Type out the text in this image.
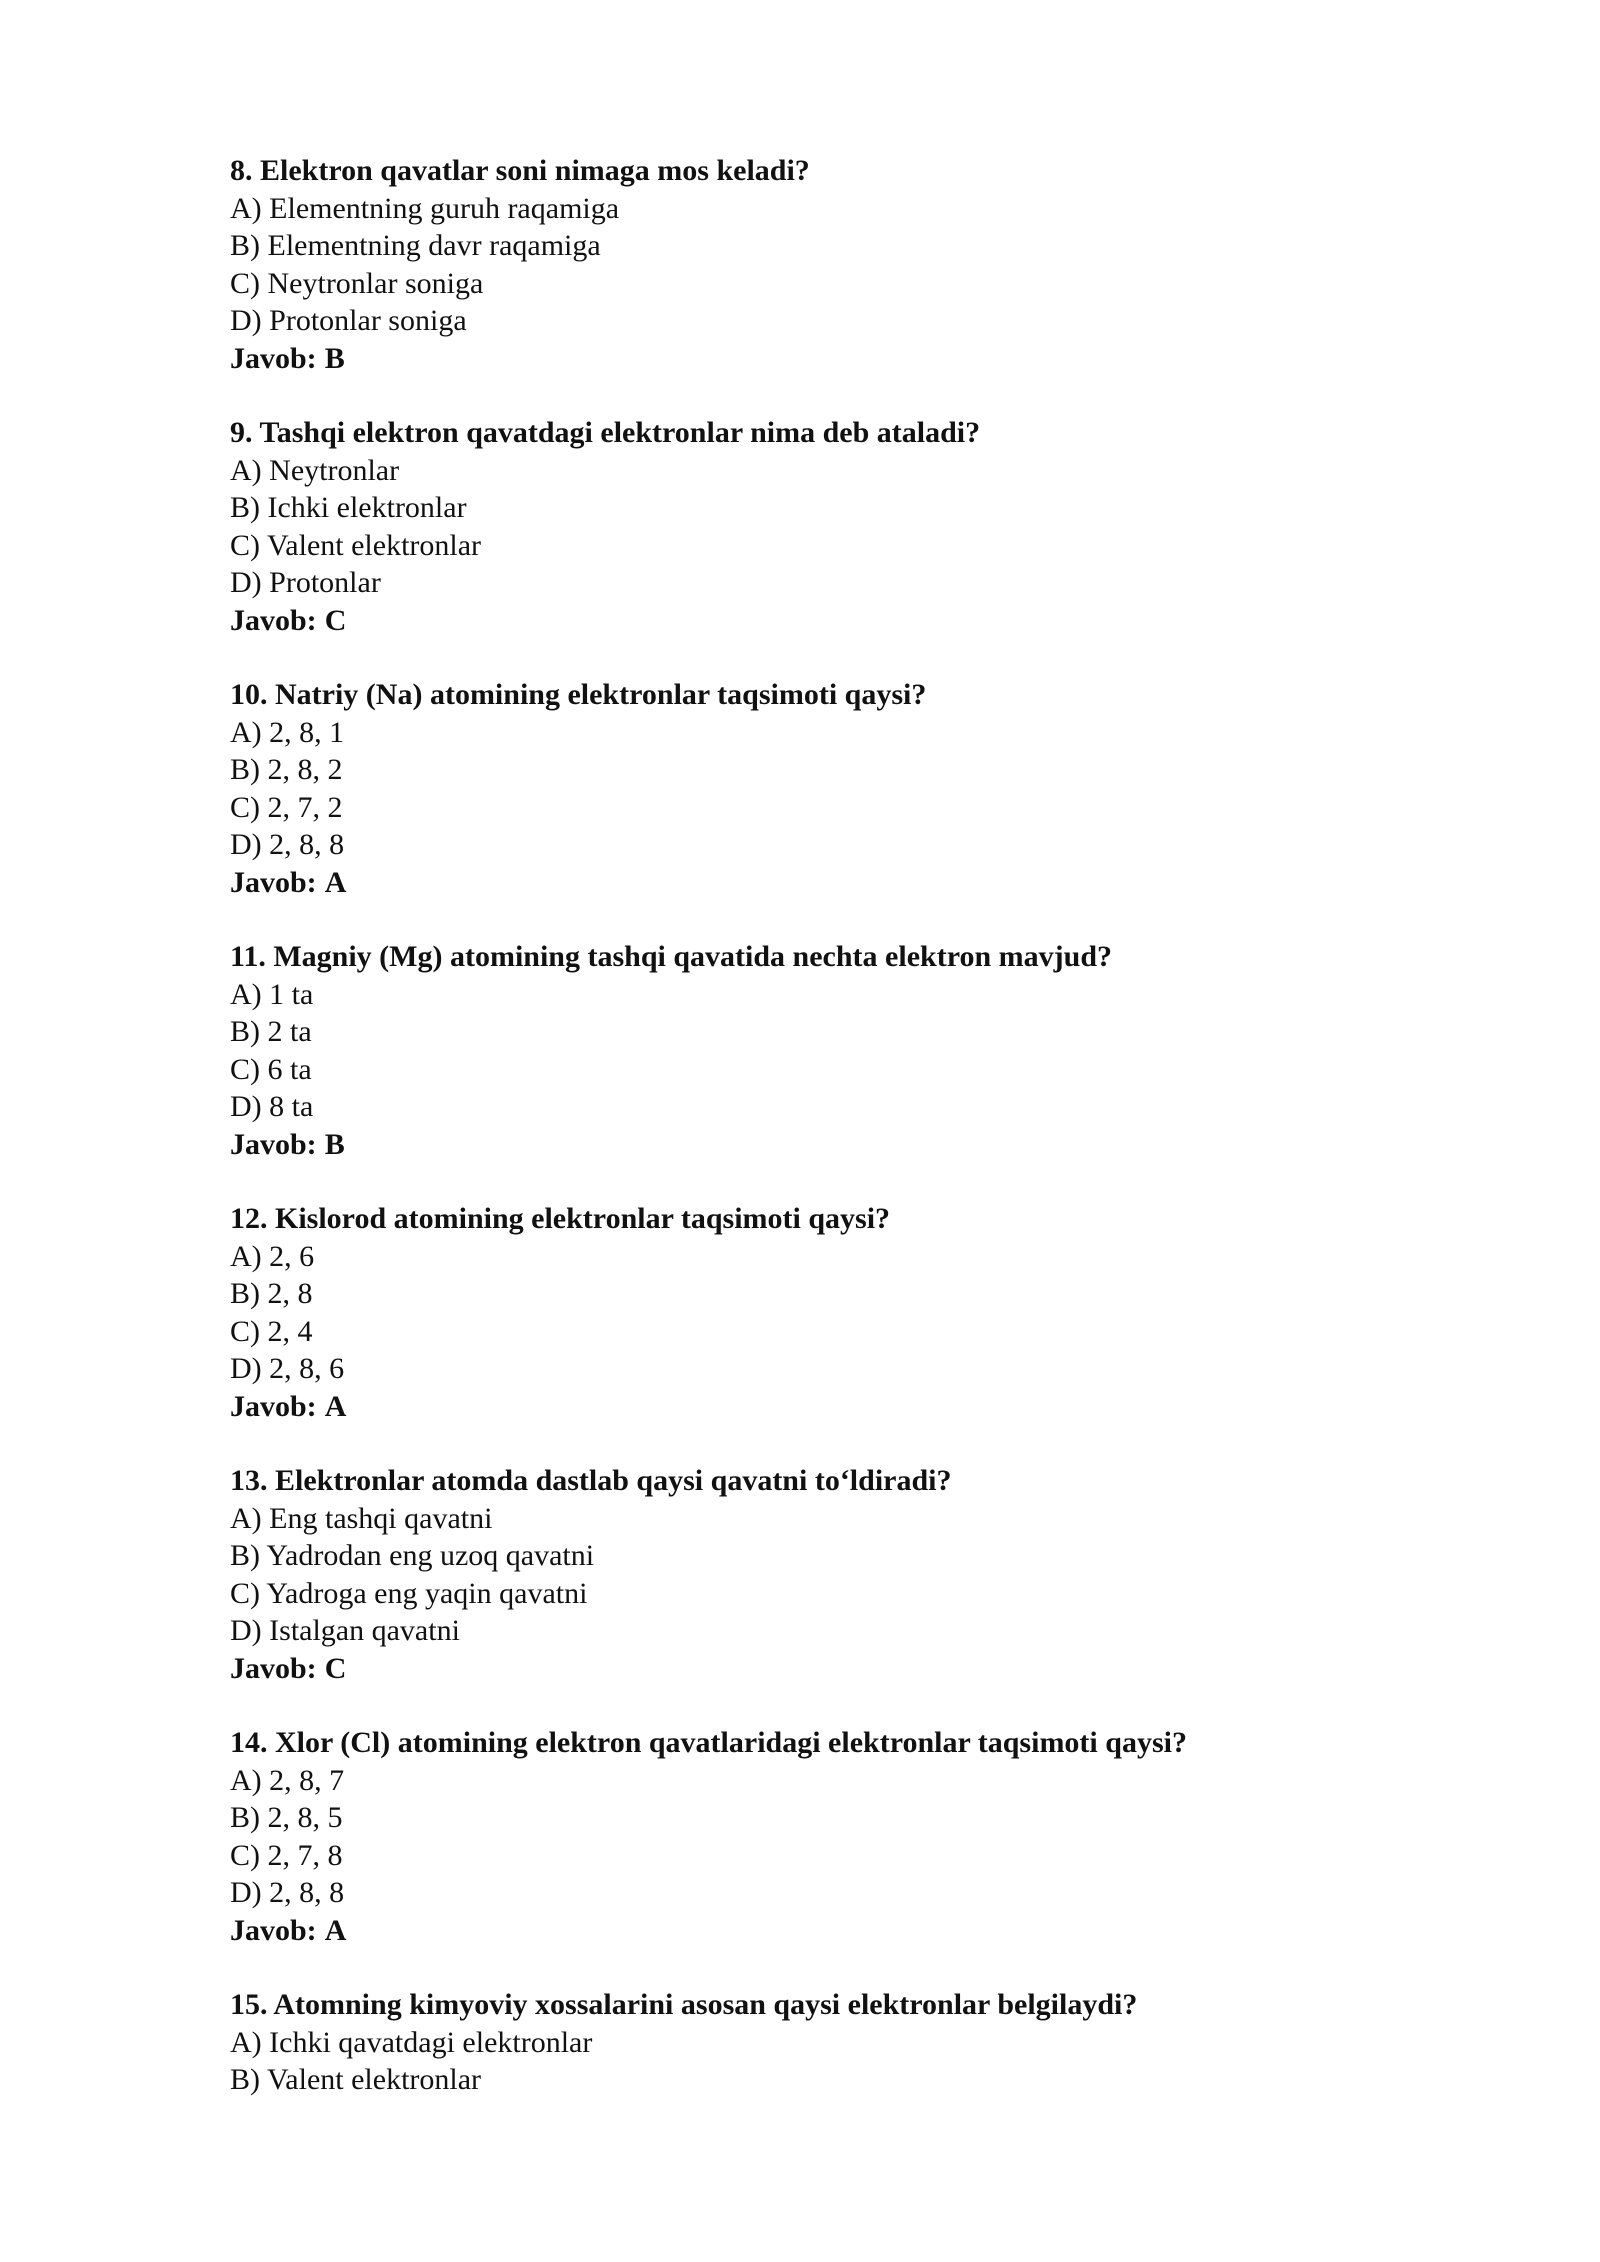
8. Elektron qavatlar soni nimaga mos keladi?
A) Elementning guruh raqamiga
B) Elementning davr raqamiga
C) Neytronlar soniga
D) Protonlar soniga
Javob: B
9. Tashqi elektron qavatdagi elektronlar nima deb ataladi?
A) Neytronlar
B) Ichki elektronlar
C) Valent elektronlar
D) Protonlar
Javob: C
10. Natriy (Na) atomining elektronlar taqsimoti qaysi?
A) 2, 8, 1
B) 2, 8, 2
C) 2, 7, 2
D) 2, 8, 8
Javob: A
11. Magniy (Mg) atomining tashqi qavatida nechta elektron mavjud?
A) 1 ta
B) 2 ta
C) 6 ta
D) 8 ta
Javob: B
12. Kislorod atomining elektronlar taqsimoti qaysi?
A) 2, 6
B) 2, 8
C) 2, 4
D) 2, 8, 6
Javob: A
13. Elektronlar atomda dastlab qaysi qavatni to‘ldiradi?
A) Eng tashqi qavatni
B) Yadrodan eng uzoq qavatni
C) Yadroga eng yaqin qavatni
D) Istalgan qavatni
Javob: C
14. Xlor (Cl) atomining elektron qavatlaridagi elektronlar taqsimoti qaysi?
A) 2, 8, 7
B) 2, 8, 5
C) 2, 7, 8
D) 2, 8, 8
Javob: A
15. Atomning kimyoviy xossalarini asosan qaysi elektronlar belgilaydi?
A) Ichki qavatdagi elektronlar
B) Valent elektronlar
